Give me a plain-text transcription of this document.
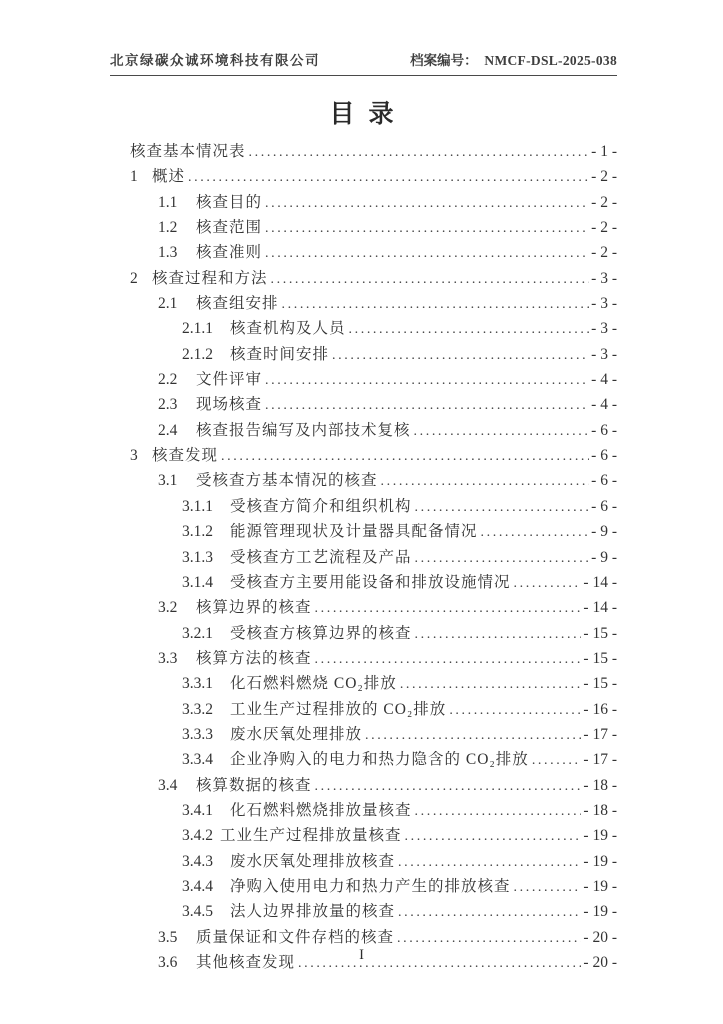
北京绿碳众诚环境科技有限公司	档案编号： NMCF-DSL-2025-038
目录
核查基本情况表 .....	- 1 -
1 概述 .....	- 2 -
1.1	核查目的 .....	- 2 -
1.2	核查范围 .....	- 2 -
1.3	核查准则 .....	- 2 -
2 核查过程和方法 .....	- 3 -
2.1	核查组安排 .....	- 3 -
2.1.1	核查机构及人员 .....	- 3 -
2.1.2	核查时间安排 .....	- 3 -
2.2	文件评审 .....	- 4 -
2.3	现场核查 .....	- 4 -
2.4	核查报告编写及内部技术复核 .....	- 6 -
3 核查发现 .....	- 6 -
3.1	受核查方基本情况的核查 .....	- 6 -
3.1.1	受核查方简介和组织机构 .....	- 6 -
3.1.2	能源管理现状及计量器具配备情况 .....	- 9 -
3.1.3	受核查方工艺流程及产品 .....	- 9 -
3.1.4	受核查方主要用能设备和排放设施情况 .....	- 14 -
3.2	核算边界的核查 .....	- 14 -
3.2.1	受核查方核算边界的核查 .....	- 15 -
3.3	核算方法的核查 .....	- 15 -
3.3.1	化石燃料燃烧 CO₂排放 .....	- 15 -
3.3.2	工业生产过程排放的 CO₂排放 .....	- 16 -
3.3.3	废水厌氧处理排放 .....	- 17 -
3.3.4	企业净购入的电力和热力隐含的 CO₂排放 .....	- 17 -
3.4	核算数据的核查 .....	- 18 -
3.4.1	化石燃料燃烧排放量核查 .....	- 18 -
3.4.2 工业生产过程排放量核查 .....	- 19 -
3.4.3	废水厌氧处理排放核查 .....	- 19 -
3.4.4	净购入使用电力和热力产生的排放核查 .....	- 19 -
3.4.5	法人边界排放量的核查 .....	- 19 -
3.5	质量保证和文件存档的核查 .....	- 20 -
3.6	其他核查发现 .....	- 20 -
I
